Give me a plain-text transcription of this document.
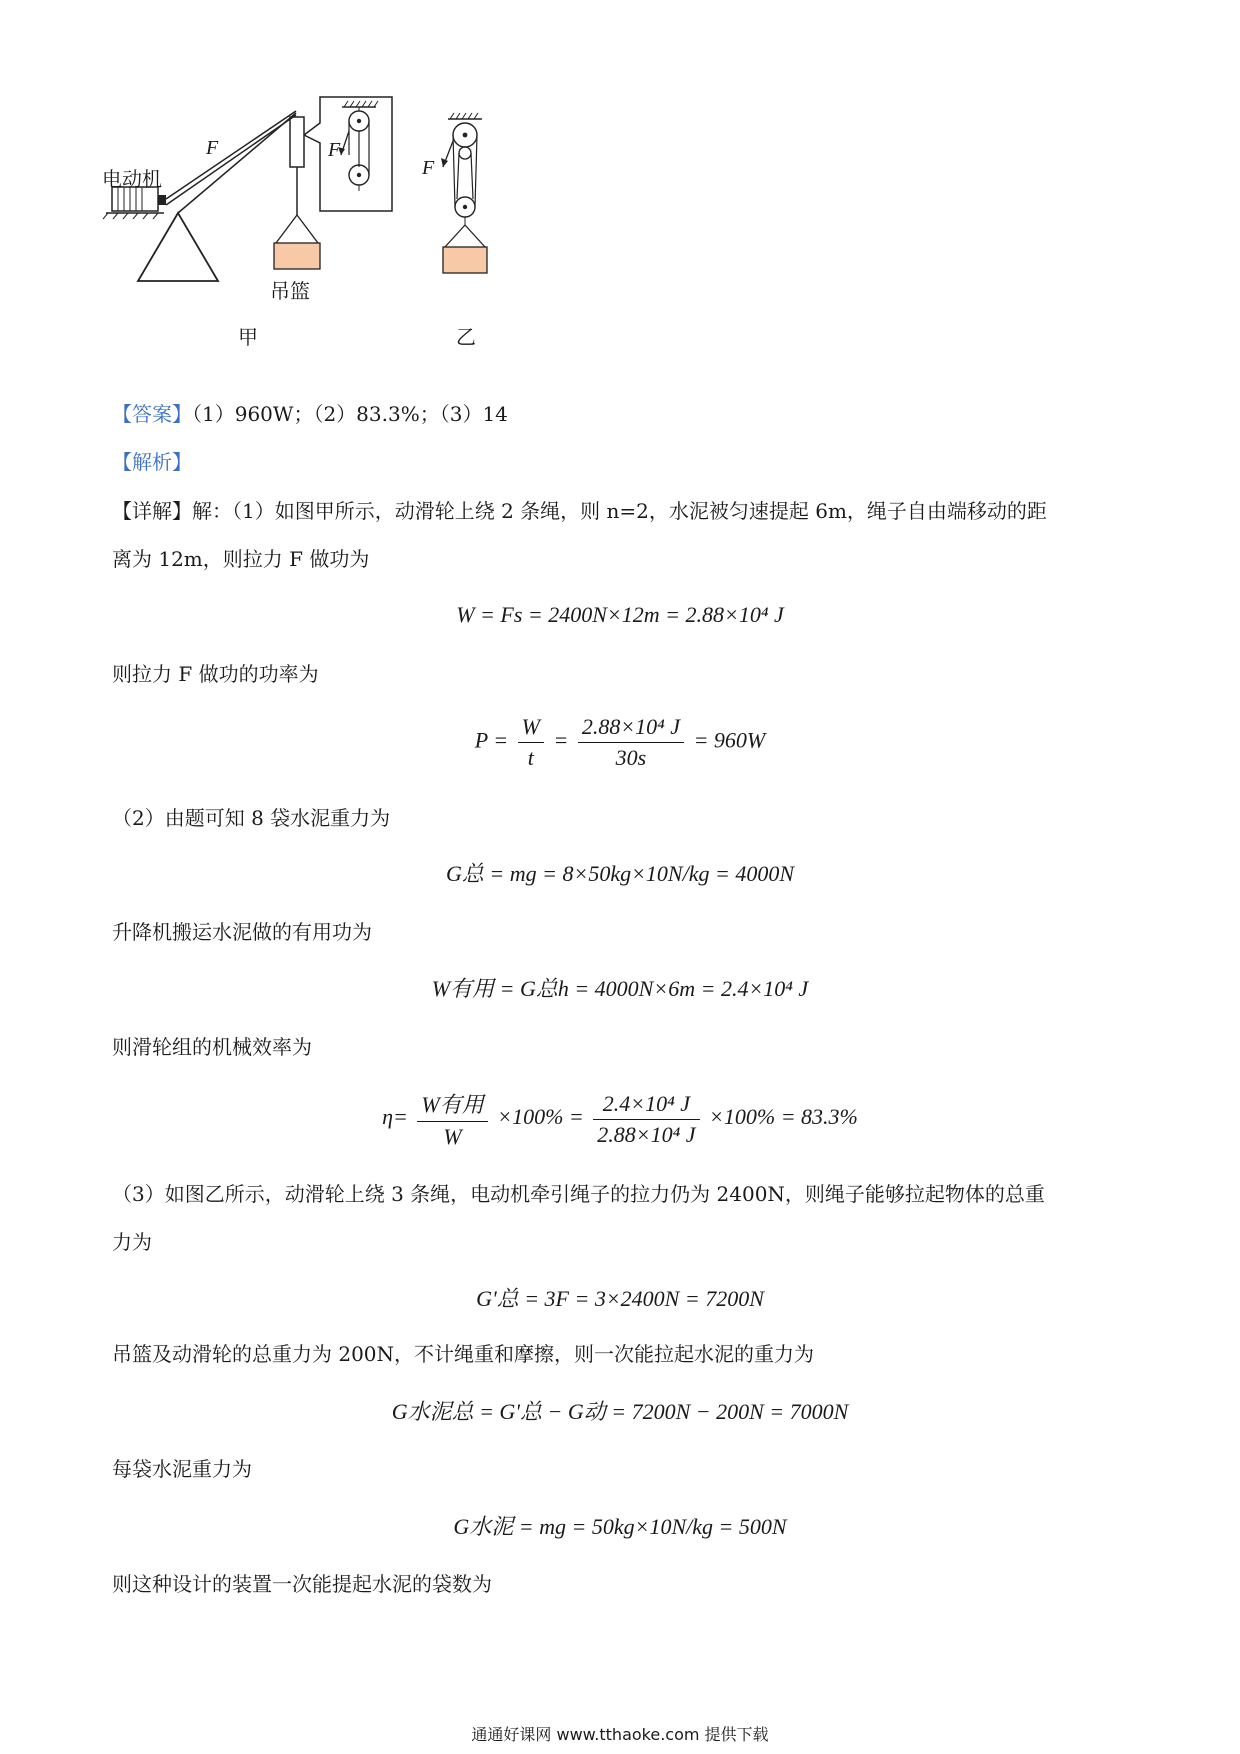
电动机
F	F
F
吊篮
甲	乙
【答案】（1）960W；（2）83.3%；（3）14
【解析】
【详解】解：（1）如图甲所示，动滑轮上绕 2 条绳，则 n=2，水泥被匀速提起 6m，绳子自由端移动的距
离为 12m，则拉力 F 做功为
W = Fs = 2400N×12m = 2.88×10⁴ J
则拉力 F 做功的功率为
$P = \frac{W}{t} = \frac{\text{2.88×10⁴ J}}{30s} = 960W$
（2）由题可知 8 袋水泥重力为
G总 = mg = 8×50kg×10N/kg = 4000N
升降机搬运水泥做的有用功为
W有用 = G总h = 4000N×6m = 2.4×10⁴ J
则滑轮组的机械效率为
$\eta= \frac{\text{W有用}}{W} \times 100\% = \frac{\text{2.4×10⁴ J}}{\text{2.88×10⁴ J}} \times 100\% = 83.3\%$
（3）如图乙所示，动滑轮上绕 3 条绳，电动机牵引绳子的拉力仍为 2400N，则绳子能够拉起物体的总重
力为
G'总 = 3F = 3×2400N = 7200N
吊篮及动滑轮的总重力为 200N，不计绳重和摩擦，则一次能拉起水泥的重力为
G水泥总 = G'总 − G动 = 7200N − 200N = 7000N
每袋水泥重力为
G水泥 = mg = 50kg×10N/kg = 500N
则这种设计的装置一次能提起水泥的袋数为
通通好课网 www.tthaoke.com 提供下载
